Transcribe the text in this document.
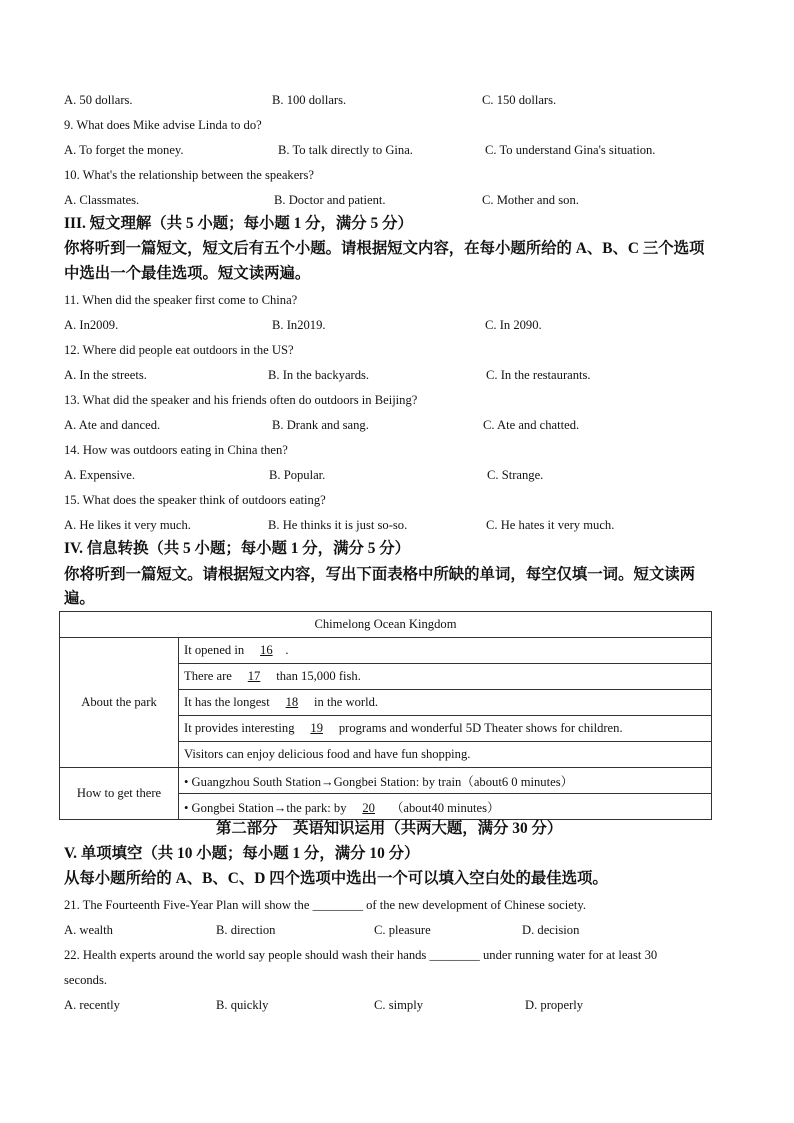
A. 50 dollars.	B. 100 dollars.	C. 150 dollars.
9. What does Mike advise Linda to do?
A. To forget the money.	B. To talk directly to Gina.	C. To understand Gina's situation.
10. What's the relationship between the speakers?
A. Classmates.	B. Doctor and patient.	C. Mother and son.
III. 短文理解（共 5 小题；每小题 1 分，满分 5 分）
你将听到一篇短文，短文后有五个小题。请根据短文内容，在每小题所给的 A、B、C 三个选项
中选出一个最佳选项。短文读两遍。
11. When did the speaker first come to China?
A. In2009.	B. In2019.	C. In 2090.
12. Where did people eat outdoors in the US?
A. In the streets.	B. In the backyards.	C. In the restaurants.
13. What did the speaker and his friends often do outdoors in Beijing?
A. Ate and danced.	B. Drank and sang.	C. Ate and chatted.
14. How was outdoors eating in China then?
A. Expensive.	B. Popular.	C. Strange.
15. What does the speaker think of outdoors eating?
A. He likes it very much.	B. He thinks it is just so-so.	C. He hates it very much.
IV. 信息转换（共 5 小题；每小题 1 分，满分 5 分）
你将听到一篇短文。请根据短文内容，写出下面表格中所缺的单词，每空仅填一词。短文读两
遍。
Chimelong Ocean Kingdom	
About the park	It opened in 16 .
	There are 17 than 15,000 fish.
	It has the longest 18 in the world.
	It provides interesting 19 programs and wonderful 5D Theater shows for children.
	Visitors can enjoy delicious food and have fun shopping.
How to get there	• Guangzhou South Station→Gongbei Station: by train（about6 0 minutes）
	• Gongbei Station→the park: by 20 （about40 minutes）
第二部分　英语知识运用（共两大题，满分 30 分）
V. 单项填空（共 10 小题；每小题 1 分，满分 10 分）
从每小题所给的 A、B、C、D 四个选项中选出一个可以填入空白处的最佳选项。
21. The Fourteenth Five-Year Plan will show the ________ of the new development of Chinese society.
A. wealth	B. direction	C. pleasure	D. decision
22. Health experts around the world say people should wash their hands ________ under running water for at least 30
seconds.
A. recently	B. quickly	C. simply	D. properly
